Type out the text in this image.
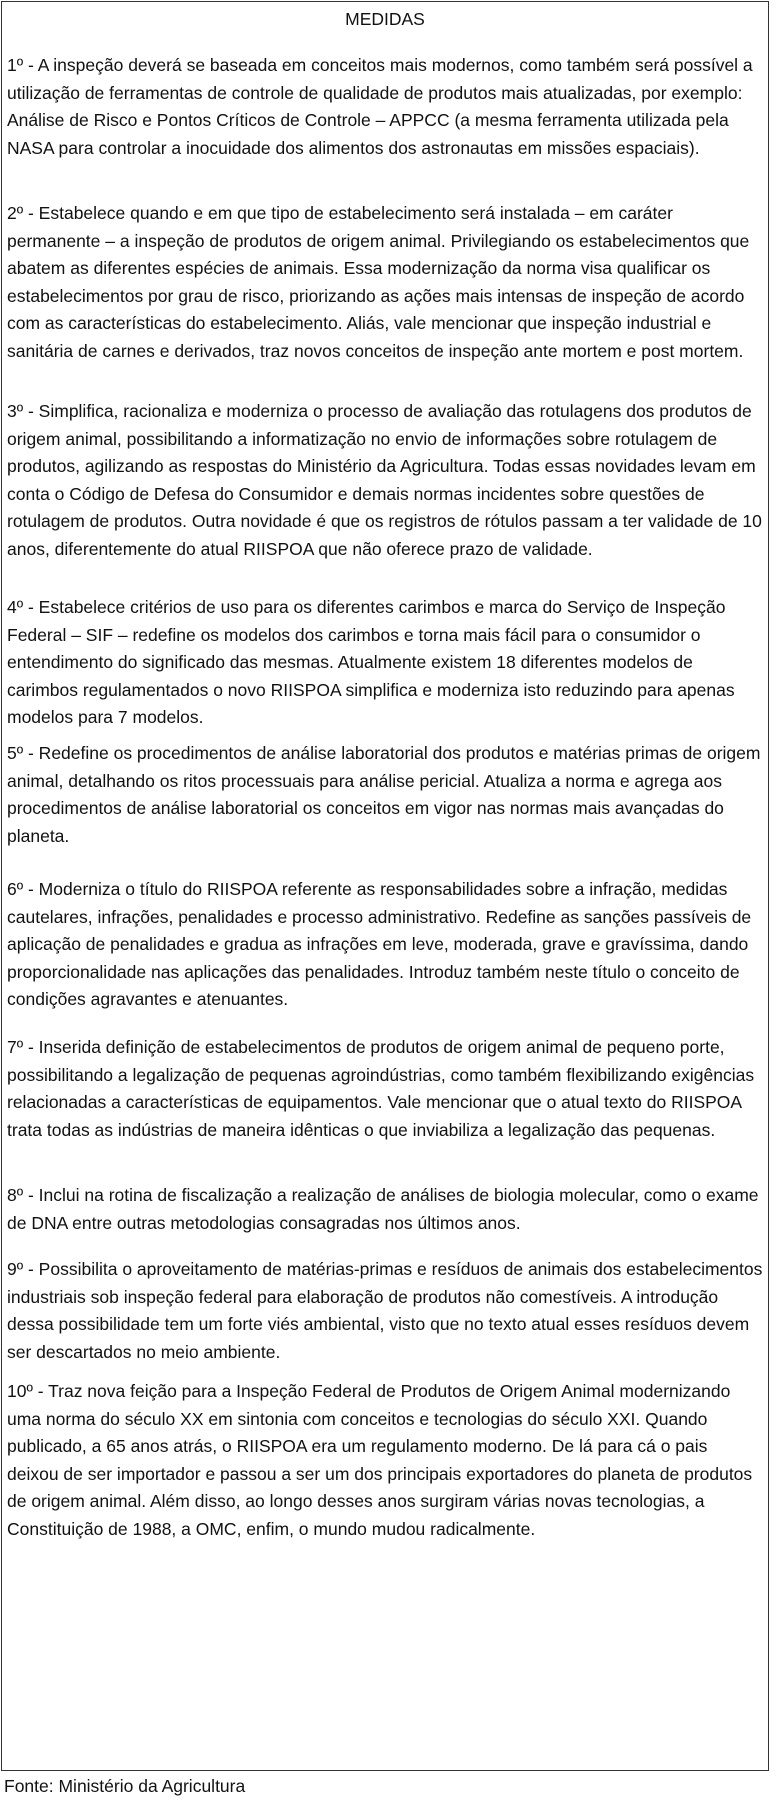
MEDIDAS

1º - A inspeção deverá se baseada em conceitos mais modernos, como também será possível a utilização de ferramentas de controle de qualidade de produtos mais atualizadas, por exemplo: Análise de Risco e Pontos Críticos de Controle – APPCC (a mesma ferramenta utilizada pela NASA para controlar a inocuidade dos alimentos dos astronautas em missões espaciais).

2º - Estabelece quando e em que tipo de estabelecimento será instalada – em caráter permanente – a inspeção de produtos de origem animal. Privilegiando os estabelecimentos que abatem as diferentes espécies de animais. Essa modernização da norma visa qualificar os estabelecimentos por grau de risco, priorizando as ações mais intensas de inspeção de acordo com as características do estabelecimento. Aliás, vale mencionar que inspeção industrial e sanitária de carnes e derivados, traz novos conceitos de inspeção ante mortem e post mortem.

3º - Simplifica, racionaliza e moderniza o processo de avaliação das rotulagens dos produtos de origem animal, possibilitando a informatização no envio de informações sobre rotulagem de produtos, agilizando as respostas do Ministério da Agricultura. Todas essas novidades levam em conta o Código de Defesa do Consumidor e demais normas incidentes sobre questões de rotulagem de produtos. Outra novidade é que os registros de rótulos passam a ter validade de 10 anos, diferentemente do atual RIISPOA que não oferece prazo de validade.

4º - Estabelece critérios de uso para os diferentes carimbos e marca do Serviço de Inspeção Federal – SIF – redefine os modelos dos carimbos e torna mais fácil para o consumidor o entendimento do significado das mesmas. Atualmente existem 18 diferentes modelos de carimbos regulamentados o novo RIISPOA simplifica e moderniza isto reduzindo para apenas modelos para 7 modelos.

5º - Redefine os procedimentos de análise laboratorial dos produtos e matérias primas de origem animal, detalhando os ritos processuais para análise pericial. Atualiza a norma e agrega aos procedimentos de análise laboratorial os conceitos em vigor nas normas mais avançadas do planeta.

6º - Moderniza o título do RIISPOA referente as responsabilidades sobre a infração, medidas cautelares, infrações, penalidades e processo administrativo. Redefine as sanções passíveis de aplicação de penalidades e gradua as infrações em leve, moderada, grave e gravíssima, dando proporcionalidade nas aplicações das penalidades. Introduz também neste título o conceito de condições agravantes e atenuantes.

7º - Inserida definição de estabelecimentos de produtos de origem animal de pequeno porte, possibilitando a legalização de pequenas agroindústrias, como também flexibilizando exigências relacionadas a características de equipamentos. Vale mencionar que o atual texto do RIISPOA trata todas as indústrias de maneira idênticas o que inviabiliza a legalização das pequenas.

8º - Inclui na rotina de fiscalização a realização de análises de biologia molecular, como o exame de DNA entre outras metodologias consagradas nos últimos anos.

9º - Possibilita o aproveitamento de matérias-primas e resíduos de animais dos estabelecimentos industriais sob inspeção federal para elaboração de produtos não comestíveis. A introdução dessa possibilidade tem um forte viés ambiental, visto que no texto atual esses resíduos devem ser descartados no meio ambiente.

10º - Traz nova feição para a Inspeção Federal de Produtos de Origem Animal modernizando uma norma do século XX em sintonia com conceitos e tecnologias do século XXI. Quando publicado, a 65 anos atrás, o RIISPOA era um regulamento moderno. De lá para cá o pais deixou de ser importador e passou a ser um dos principais exportadores do planeta de produtos de origem animal. Além disso, ao longo desses anos surgiram várias novas tecnologias, a Constituição de 1988, a OMC, enfim, o mundo mudou radicalmente.

Fonte: Ministério da Agricultura
